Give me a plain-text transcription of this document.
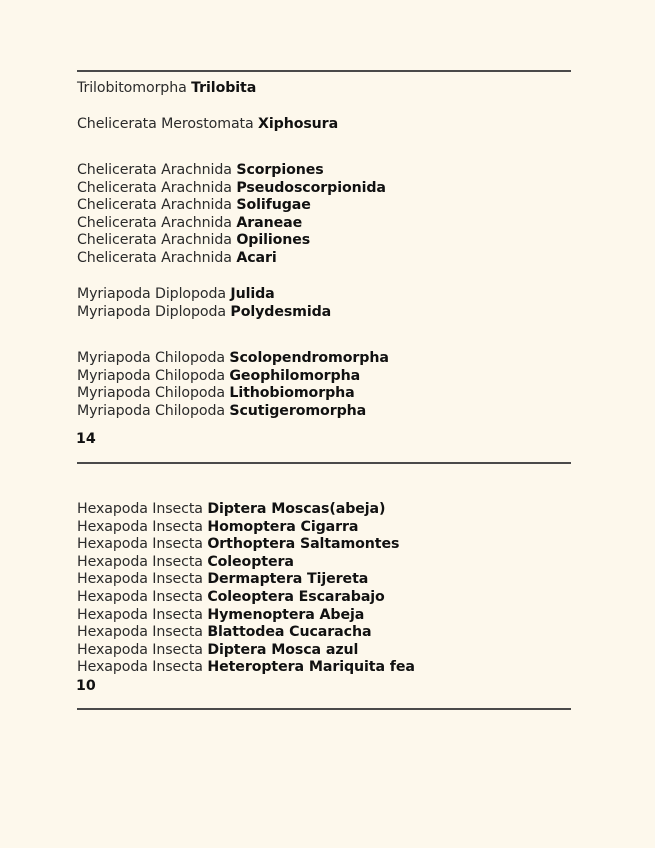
Trilobitomorpha Trilobita
Chelicerata Merostomata Xiphosura
Chelicerata Arachnida Scorpiones
Chelicerata Arachnida Pseudoscorpionida
Chelicerata Arachnida Solifugae
Chelicerata Arachnida Araneae
Chelicerata Arachnida Opiliones
Chelicerata Arachnida Acari
Myriapoda Diplopoda Julida
Myriapoda Diplopoda Polydesmida
Myriapoda Chilopoda Scolopendromorpha
Myriapoda Chilopoda Geophilomorpha
Myriapoda Chilopoda Lithobiomorpha
Myriapoda Chilopoda Scutigeromorpha
14
Hexapoda Insecta Diptera Moscas(abeja)
Hexapoda Insecta Homoptera Cigarra
Hexapoda Insecta Orthoptera Saltamontes
Hexapoda Insecta Coleoptera
Hexapoda Insecta Dermaptera Tijereta
Hexapoda Insecta Coleoptera Escarabajo
Hexapoda Insecta Hymenoptera Abeja
Hexapoda Insecta Blattodea Cucaracha
Hexapoda Insecta Diptera Mosca azul
Hexapoda Insecta Heteroptera Mariquita fea
10
